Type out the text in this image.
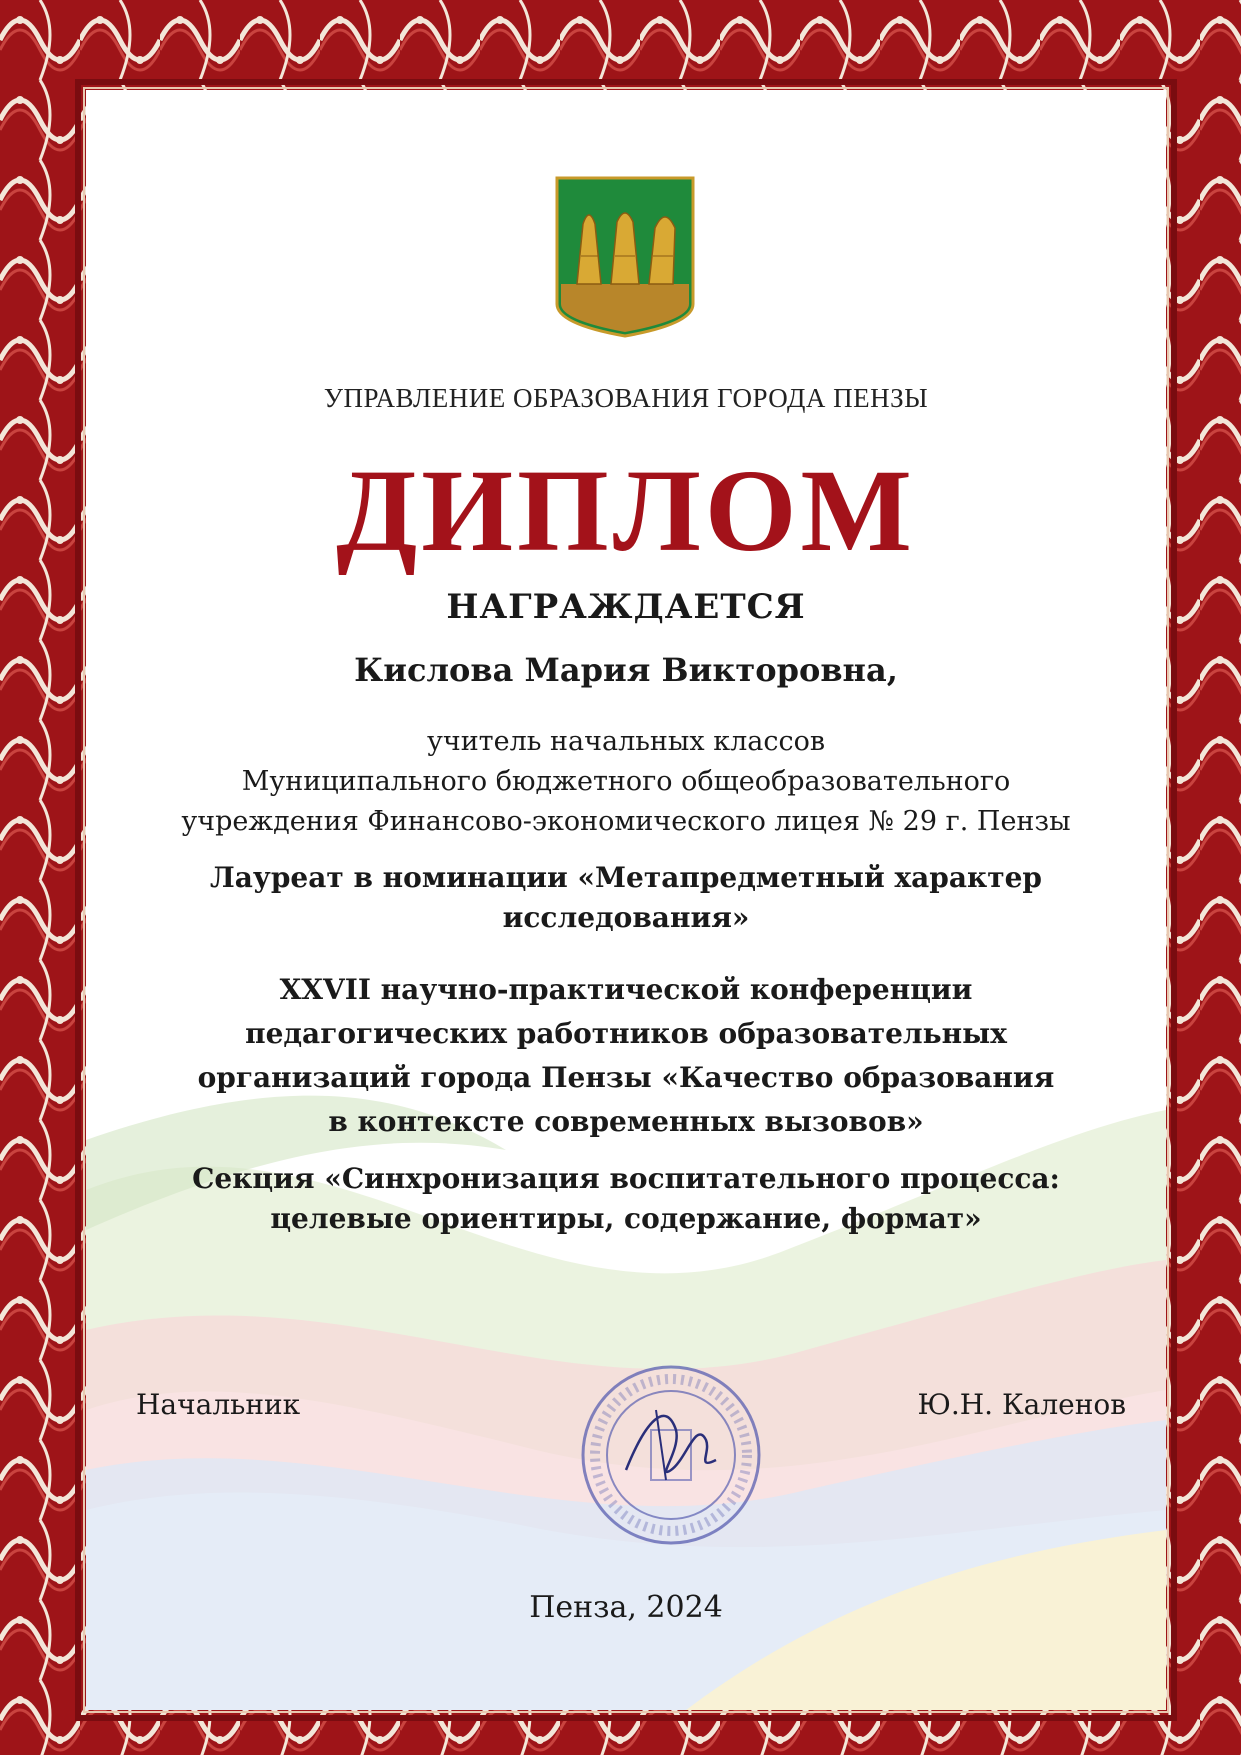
УПРАВЛЕНИЕ ОБРАЗОВАНИЯ ГОРОДА ПЕНЗЫ
ДИПЛОМ
НАГРАЖДАЕТСЯ
Кислова Мария Викторовна,
учитель начальных классов
Муниципального бюджетного общеобразовательного
учреждения Финансово-экономического лицея № 29 г. Пензы
Лауреат в номинации «Метапредметный характер
исследования»
XXVII научно-практической конференции
педагогических работников образовательных
организаций города Пензы «Качество образования
в контексте современных вызовов»
Секция «Синхронизация воспитательного процесса:
целевые ориентиры, содержание, формат»
Начальник	Ю.Н. Каленов
Пенза, 2024
